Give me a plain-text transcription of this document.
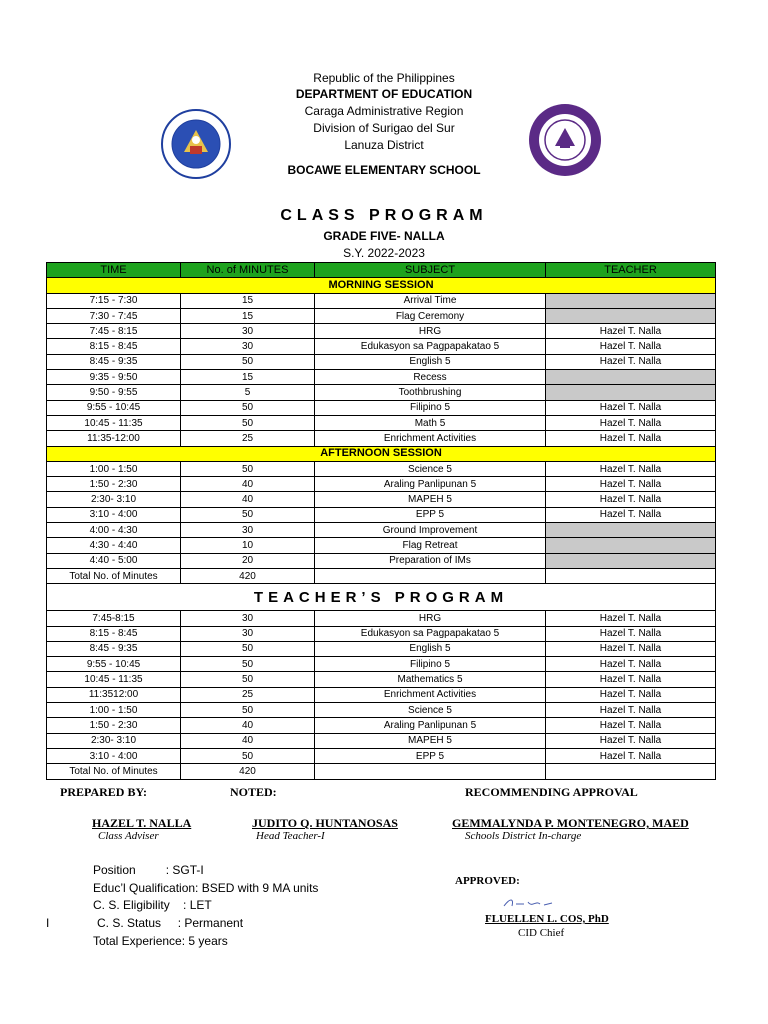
Republic of the Philippines
DEPARTMENT OF EDUCATION
Caraga Administrative Region
Division of Surigao del Sur
Lanuza District
BOCAWE ELEMENTARY SCHOOL
CLASS PROGRAM
GRADE FIVE- NALLA
S.Y. 2022-2023
TIME	No. of MINUTES	SUBJECT	TEACHER
MORNING SESSION			
7:15 - 7:30	15	Arrival Time	
7:30 - 7:45	15	Flag Ceremony	
7:45 - 8:15	30	HRG	Hazel T. Nalla
8:15 - 8:45	30	Edukasyon sa Pagpapakatao 5	Hazel T. Nalla
8:45 - 9:35	50	English 5	Hazel T. Nalla
9:35 - 9:50	15	Recess	
9:50 - 9:55	5	Toothbrushing	
9:55 - 10:45	50	Filipino 5	Hazel T. Nalla
10:45 - 11:35	50	Math 5	Hazel T. Nalla
11:35-12:00	25	Enrichment Activities	Hazel T. Nalla
AFTERNOON SESSION			
1:00 - 1:50	50	Science 5	Hazel T. Nalla
1:50 - 2:30	40	Araling Panlipunan 5	Hazel T. Nalla
2:30- 3:10	40	MAPEH 5	Hazel T. Nalla
3:10 - 4:00	50	EPP 5	Hazel T. Nalla
4:00 - 4:30	30	Ground Improvement	
4:30 - 4:40	10	Flag Retreat	
4:40 - 5:00	20	Preparation of IMs	
Total No. of Minutes	420		
TEACHER’S PROGRAM			
7:45-8:15	30	HRG	Hazel T. Nalla
8:15 - 8:45	30	Edukasyon sa Pagpapakatao 5	Hazel T. Nalla
8:45 - 9:35	50	English 5	Hazel T. Nalla
9:55 - 10:45	50	Filipino 5	Hazel T. Nalla
10:45 - 11:35	50	Mathematics 5	Hazel T. Nalla
11:3512:00	25	Enrichment Activities	Hazel T. Nalla
1:00 - 1:50	50	Science 5	Hazel T. Nalla
1:50 - 2:30	40	Araling Panlipunan 5	Hazel T. Nalla
2:30- 3:10	40	MAPEH 5	Hazel T. Nalla
3:10 - 4:00	50	EPP 5	Hazel T. Nalla
Total No. of Minutes	420		
PREPARED BY:	NOTED:	RECOMMENDING APPROVAL
HAZEL T. NALLA
Class Adviser
JUDITO Q. HUNTANOSAS
Head Teacher-I
GEMMALYNDA P. MONTENEGRO, MAED
Schools District In-charge
Position         : SGT-I
Educ’l Qualification: BSED with 9 MA units
C. S. Eligibility    : LET
I	C. S. Status     : Permanent
Total Experience: 5 years
APPROVED:
FLUELLEN L. COS, PhD
CID Chief
